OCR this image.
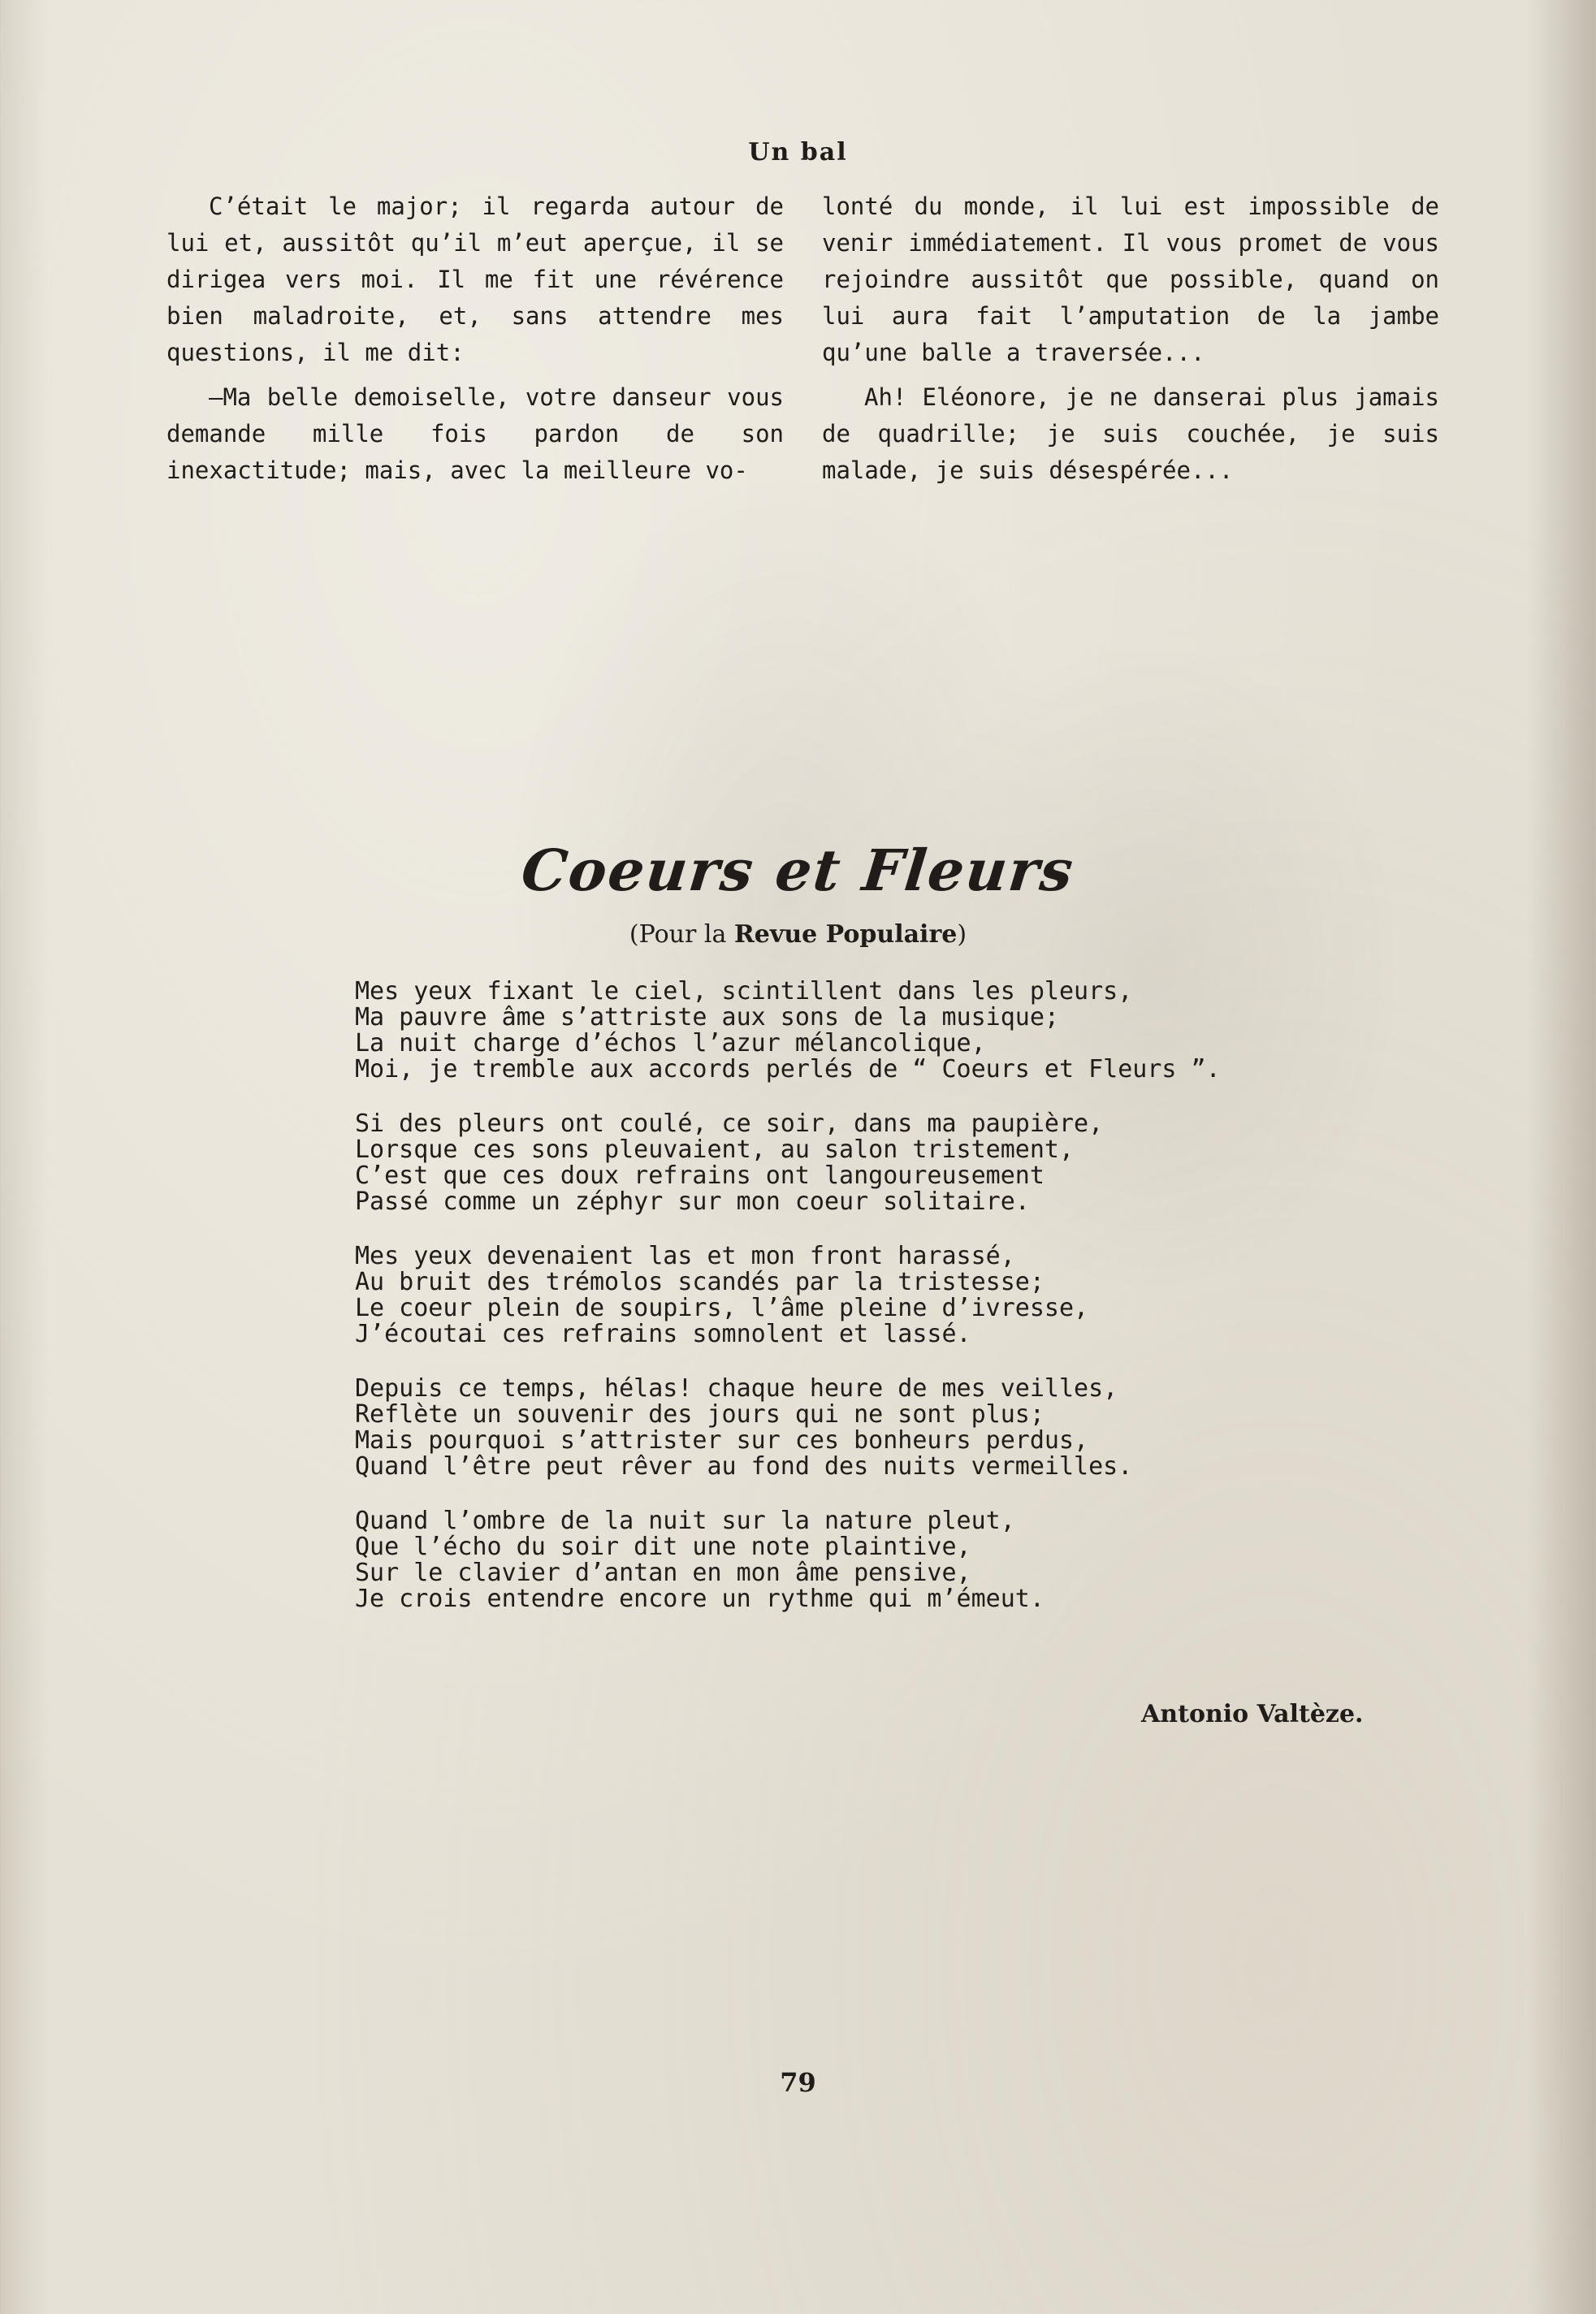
Un bal

C’était le major; il regarda autour de lui et, aussitôt qu’il m’eut aperçue, il se dirigea vers moi. Il me fit une révérence bien maladroite, et, sans attendre mes questions, il me dit:

—Ma belle demoiselle, votre danseur vous demande mille fois pardon de son inexactitude; mais, avec la meilleure vo-

lonté du monde, il lui est impossible de venir immédiatement. Il vous promet de vous rejoindre aussitôt que possible, quand on lui aura fait l’amputation de la jambe qu’une balle a traversée...

Ah! Eléonore, je ne danserai plus jamais de quadrille; je suis couchée, je suis malade, je suis désespérée...

Coeurs et Fleurs
(Pour la Revue Populaire)
Mes yeux fixant le ciel, scintillent dans les pleurs,
Ma pauvre âme s’attriste aux sons de la musique;
La nuit charge d’échos l’azur mélancolique,
Moi, je tremble aux accords perlés de “ Coeurs et Fleurs ”.
Si des pleurs ont coulé, ce soir, dans ma paupière,
Lorsque ces sons pleuvaient, au salon tristement,
C’est que ces doux refrains ont langoureusement
Passé comme un zéphyr sur mon coeur solitaire.
Mes yeux devenaient las et mon front harassé,
Au bruit des trémolos scandés par la tristesse;
Le coeur plein de soupirs, l’âme pleine d’ivresse,
J’écoutai ces refrains somnolent et lassé.
Depuis ce temps, hélas! chaque heure de mes veilles,
Reflète un souvenir des jours qui ne sont plus;
Mais pourquoi s’attrister sur ces bonheurs perdus,
Quand l’être peut rêver au fond des nuits vermeilles.
Quand l’ombre de la nuit sur la nature pleut,
Que l’écho du soir dit une note plaintive,
Sur le clavier d’antan en mon âme pensive,
Je crois entendre encore un rythme qui m’émeut.
Antonio Valtèze.
79
